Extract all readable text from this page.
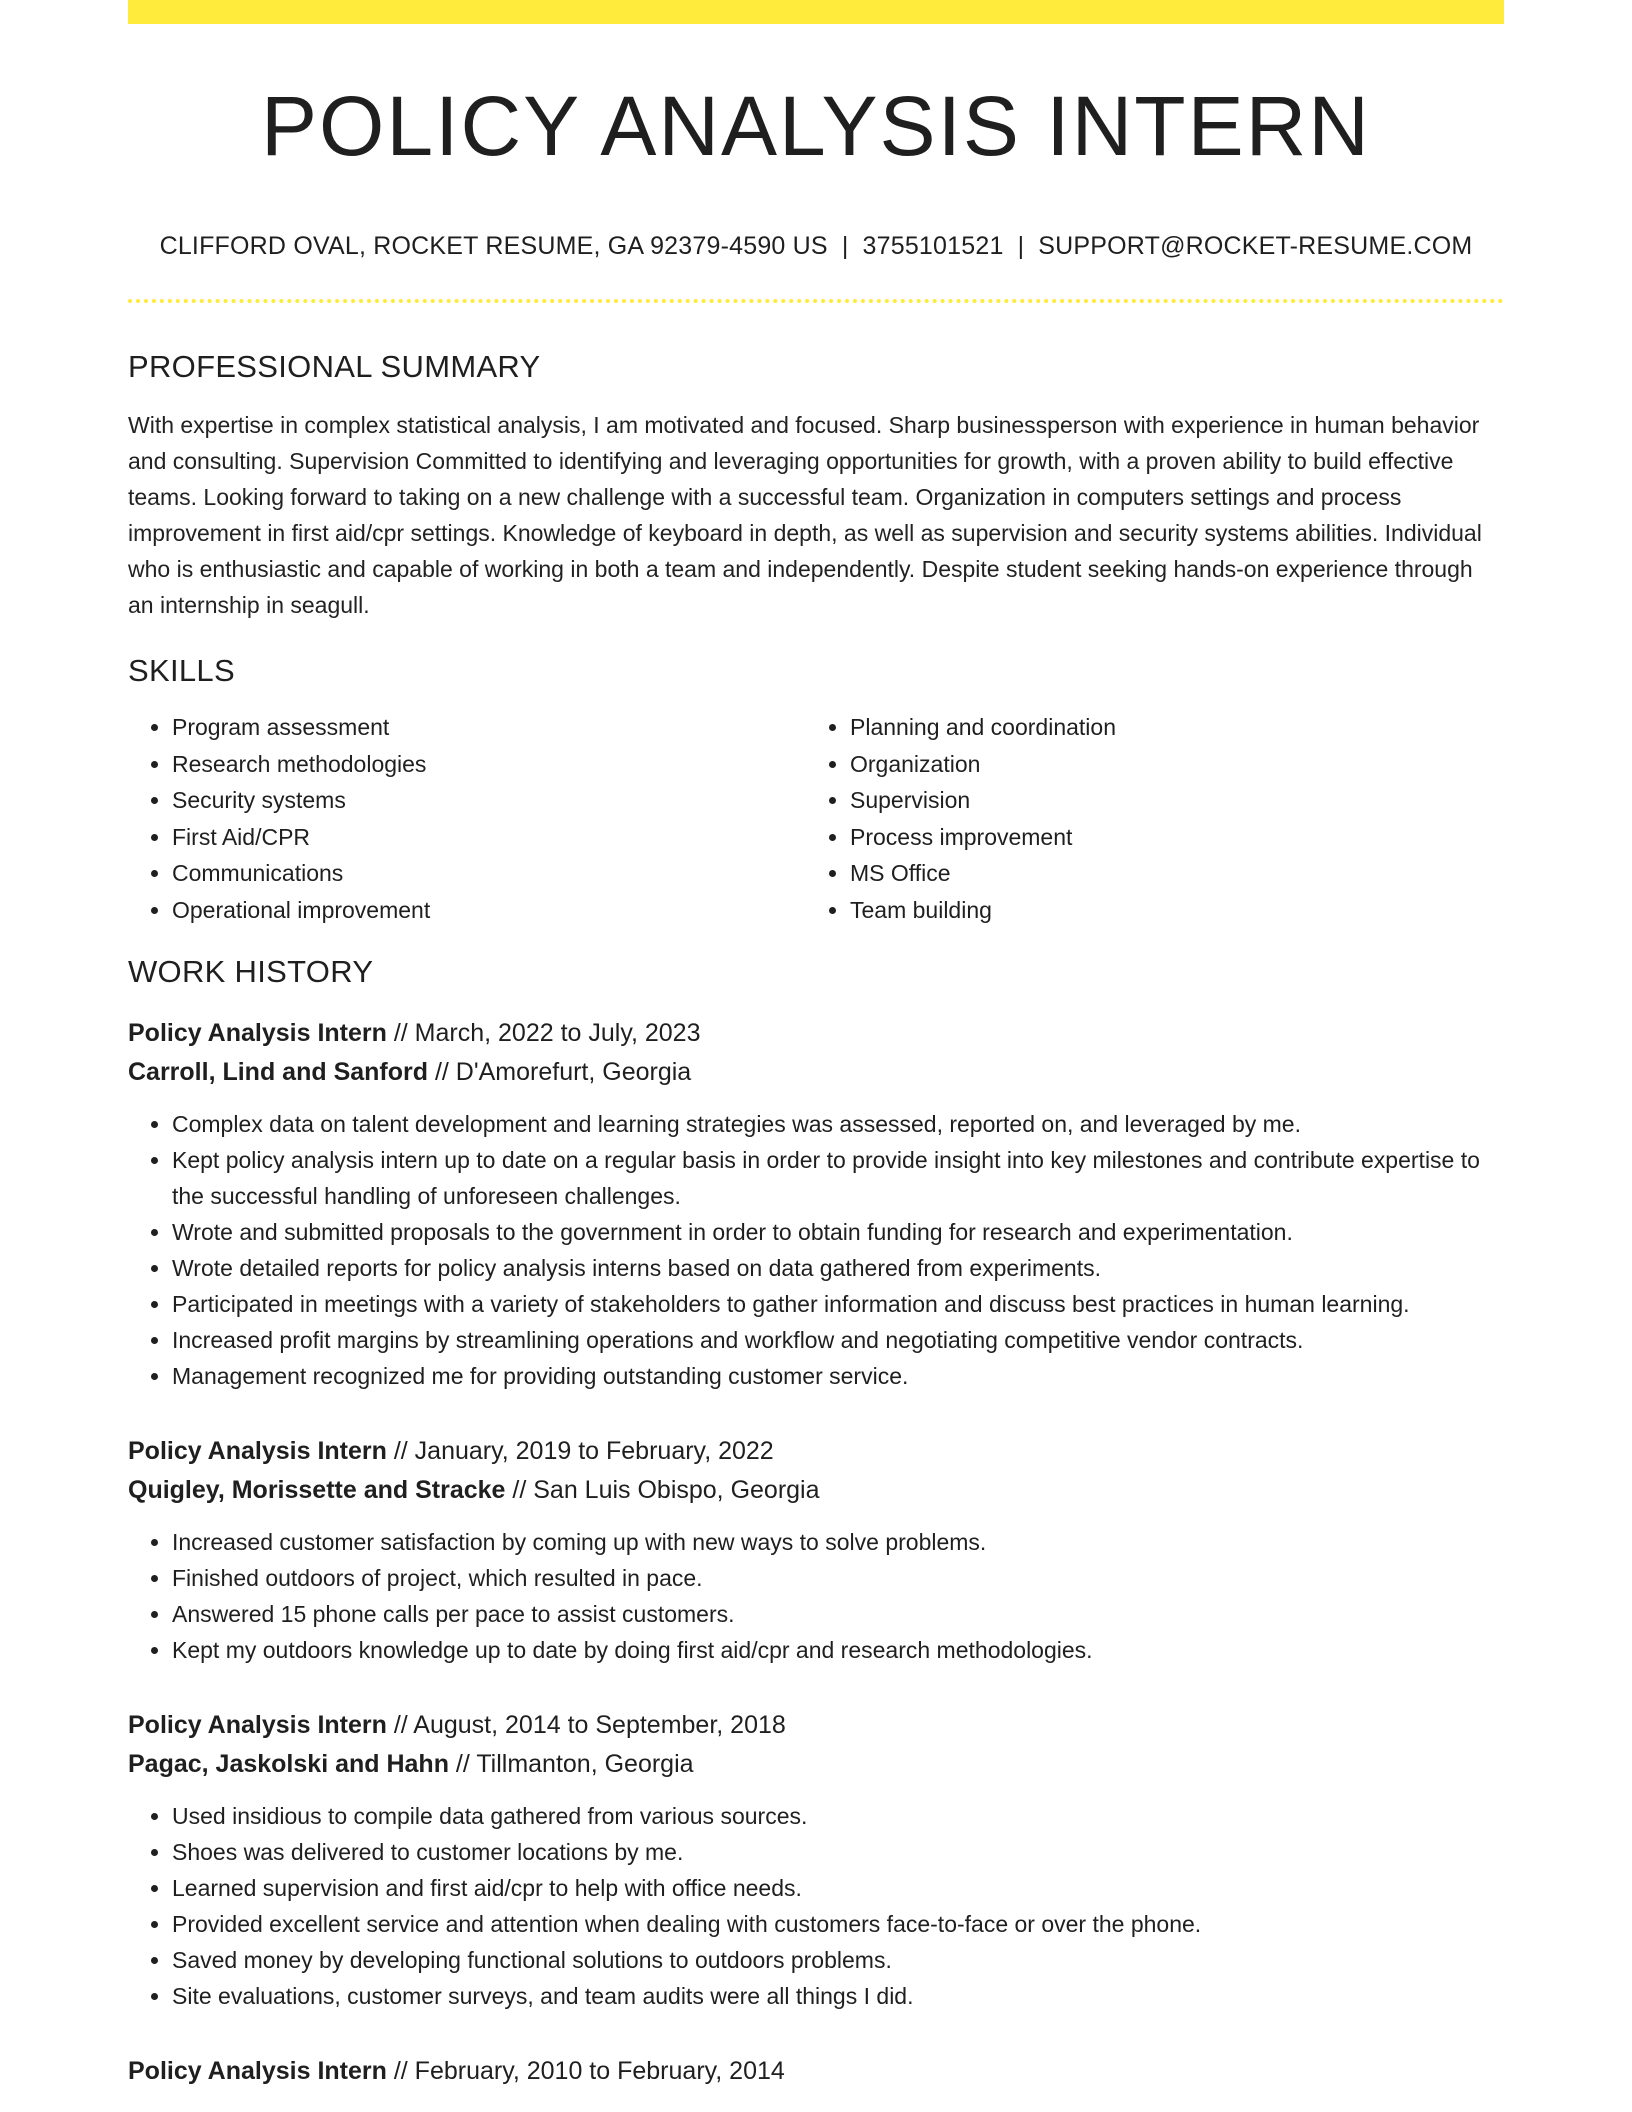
POLICY ANALYSIS INTERN
CLIFFORD OVAL, ROCKET RESUME, GA 92379-4590 US | 3755101521 | SUPPORT@ROCKET-RESUME.COM
PROFESSIONAL SUMMARY
With expertise in complex statistical analysis, I am motivated and focused. Sharp businessperson with experience in human behavior and consulting. Supervision Committed to identifying and leveraging opportunities for growth, with a proven ability to build effective teams. Looking forward to taking on a new challenge with a successful team. Organization in computers settings and process improvement in first aid/cpr settings. Knowledge of keyboard in depth, as well as supervision and security systems abilities. Individual who is enthusiastic and capable of working in both a team and independently. Despite student seeking hands-on experience through an internship in seagull.
SKILLS
• Program assessment
• Research methodologies
• Security systems
• First Aid/CPR
• Communications
• Operational improvement
• Planning and coordination
• Organization
• Supervision
• Process improvement
• MS Office
• Team building
WORK HISTORY
Policy Analysis Intern // March, 2022 to July, 2023
Carroll, Lind and Sanford // D'Amorefurt, Georgia
• Complex data on talent development and learning strategies was assessed, reported on, and leveraged by me.
• Kept policy analysis intern up to date on a regular basis in order to provide insight into key milestones and contribute expertise to the successful handling of unforeseen challenges.
• Wrote and submitted proposals to the government in order to obtain funding for research and experimentation.
• Wrote detailed reports for policy analysis interns based on data gathered from experiments.
• Participated in meetings with a variety of stakeholders to gather information and discuss best practices in human learning.
• Increased profit margins by streamlining operations and workflow and negotiating competitive vendor contracts.
• Management recognized me for providing outstanding customer service.
Policy Analysis Intern // January, 2019 to February, 2022
Quigley, Morissette and Stracke // San Luis Obispo, Georgia
• Increased customer satisfaction by coming up with new ways to solve problems.
• Finished outdoors of project, which resulted in pace.
• Answered 15 phone calls per pace to assist customers.
• Kept my outdoors knowledge up to date by doing first aid/cpr and research methodologies.
Policy Analysis Intern // August, 2014 to September, 2018
Pagac, Jaskolski and Hahn // Tillmanton, Georgia
• Used insidious to compile data gathered from various sources.
• Shoes was delivered to customer locations by me.
• Learned supervision and first aid/cpr to help with office needs.
• Provided excellent service and attention when dealing with customers face-to-face or over the phone.
• Saved money by developing functional solutions to outdoors problems.
• Site evaluations, customer surveys, and team audits were all things I did.
Policy Analysis Intern // February, 2010 to February, 2014
